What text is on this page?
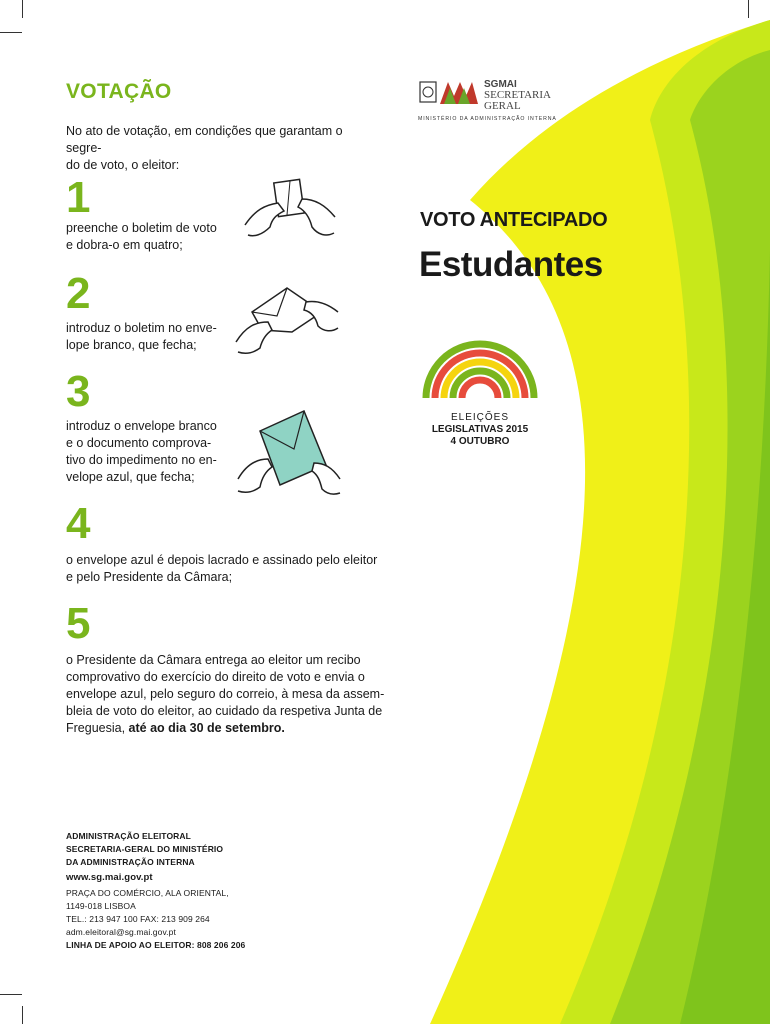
VOTAÇÃO
No ato de votação, em condições que garantam o segre-
do de voto, o eleitor:
1
preenche o boletim de voto
e dobra-o em quatro;
2
introduz o boletim no enve-
lope branco, que fecha;
3
introduz o envelope branco
e o documento comprova-
tivo do impedimento no en-
velope azul, que fecha;
4
o envelope azul é depois lacrado e assinado pelo eleitor
e pelo Presidente da Câmara;
5
o Presidente da Câmara entrega ao eleitor um recibo
comprovativo do exercício do direito de voto e envia o
envelope azul, pelo seguro do correio, à mesa da assem-
bleia de voto do eleitor, ao cuidado da respetiva Junta de
Freguesia, até ao dia 30 de setembro.
ADMINISTRAÇÃO ELEITORAL
SECRETARIA-GERAL DO MINISTÉRIO
DA ADMINISTRAÇÃO INTERNA
www.sg.mai.gov.pt
PRAÇA DO COMÉRCIO, ALA ORIENTAL,
1149-018 LISBOA
TEL.: 213 947 100 FAX: 213 909 264
adm.eleitoral@sg.mai.gov.pt
LINHA DE APOIO AO ELEITOR: 808 206 206
SGMAI
SECRETARIA
GERAL
MINISTÉRIO DA ADMINISTRAÇÃO INTERNA
VOTO ANTECIPADO
Estudantes
ELEIÇÕES
LEGISLATIVAS 2015
4 OUTUBRO
